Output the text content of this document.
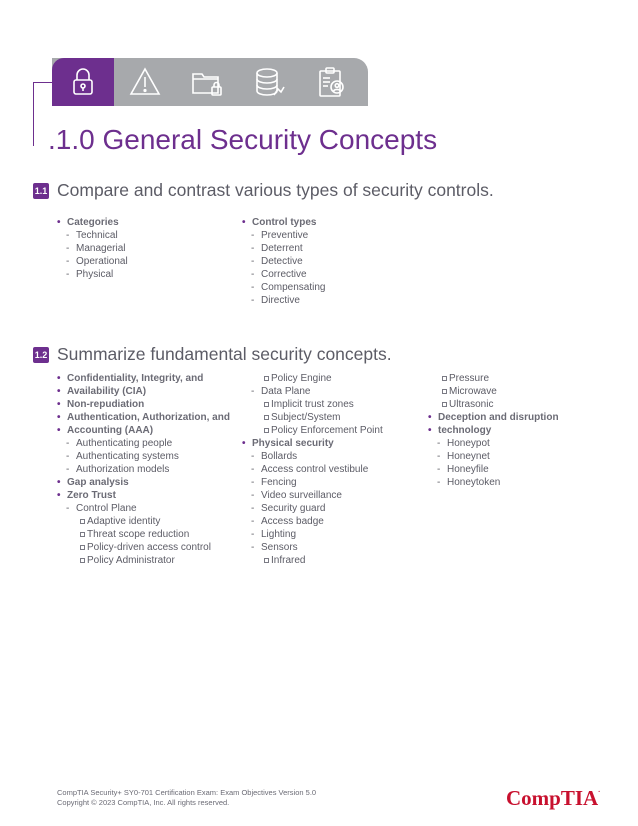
.1.0 General Security Concepts
1.1 Compare and contrast various types of security controls.
• Categories
- Technical
- Managerial
- Operational
- Physical
• Control types
- Preventive
- Deterrent
- Detective
- Corrective
- Compensating
- Directive
1.2 Summarize fundamental security concepts.
• Confidentiality, Integrity, and
• Availability (CIA)
• Non-repudiation
• Authentication, Authorization, and
• Accounting (AAA)
- Authenticating people
- Authenticating systems
- Authorization models
• Gap analysis
• Zero Trust
- Control Plane
Adaptive identity
Threat scope reduction
Policy-driven access control
Policy Administrator
Policy Engine
- Data Plane
Implicit trust zones
Subject/System
Policy Enforcement Point
• Physical security
- Bollards
- Access control vestibule
- Fencing
- Video surveillance
- Security guard
- Access badge
- Lighting
- Sensors
Infrared
Pressure
Microwave
Ultrasonic
• Deception and disruption
• technology
- Honeypot
- Honeynet
- Honeyfile
- Honeytoken
CompTIA Security+ SY0-701 Certification Exam: Exam Objectives Version 5.0
Copyright © 2023 CompTIA, Inc. All rights reserved.	CompTIA.
